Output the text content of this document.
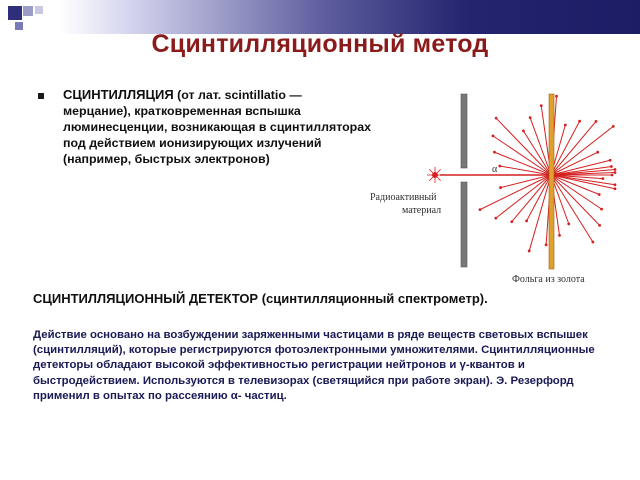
Сцинтилляционный метод
СЦИНТИЛЛЯЦИЯ (от лат. scintillatio — мерцание), кратковременная вспышка люминесценции, возникающая в сцинтилляторах под действием ионизирующих излучений (например, быстрых электронов)
α
Радиоактивный
материал
Фольга из золота
СЦИНТИЛЛЯЦИОННЫЙ ДЕТЕКТОР (сцинтилляционный спектрометр).
Действие основано на возбуждении заряженными частицами в ряде веществ световых вспышек (сцинтилляций), которые регистрируются фотоэлектронными умножителями. Сцинтилляционные детекторы обладают высокой эффективностью регистрации нейтронов и γ-квантов и быстродействием. Используются в телевизорах (светящийся при работе экран). Э. Резерфорд применил в опытах по рассеянию α- частиц.
